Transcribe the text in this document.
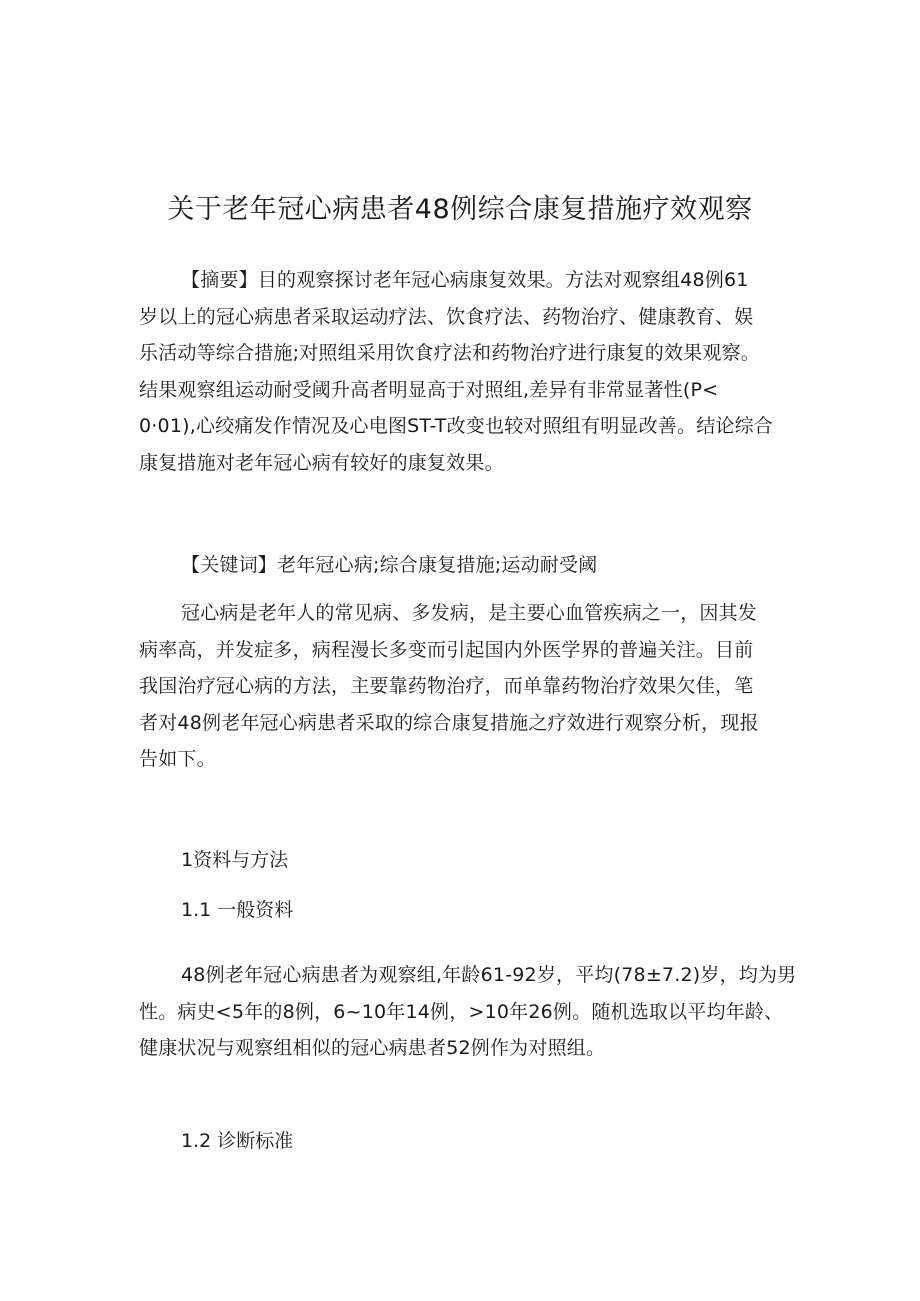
关于老年冠心病患者48例综合康复措施疗效观察
【摘要】目的观察探讨老年冠心病康复效果。方法对观察组48例61
岁以上的冠心病患者采取运动疗法、饮食疗法、药物治疗、健康教育、娱
乐活动等综合措施;对照组采用饮食疗法和药物治疗进行康复的效果观察。
结果观察组运动耐受阈升高者明显高于对照组,差异有非常显著性(P<
0·01),心绞痛发作情况及心电图ST-T改变也较对照组有明显改善。结论综合
康复措施对老年冠心病有较好的康复效果。
【关键词】老年冠心病;综合康复措施;运动耐受阈
冠心病是老年人的常见病、多发病，是主要心血管疾病之一，因其发
病率高，并发症多，病程漫长多变而引起国内外医学界的普遍关注。目前
我国治疗冠心病的方法，主要靠药物治疗，而单靠药物治疗效果欠佳，笔
者对48例老年冠心病患者采取的综合康复措施之疗效进行观察分析，现报
告如下。
1资料与方法
1.1 一般资料
48例老年冠心病患者为观察组,年龄61-92岁，平均(78±7.2)岁，均为男
性。病史<5年的8例，6~10年14例，>10年26例。随机选取以平均年龄、
健康状况与观察组相似的冠心病患者52例作为对照组。
1.2 诊断标准
